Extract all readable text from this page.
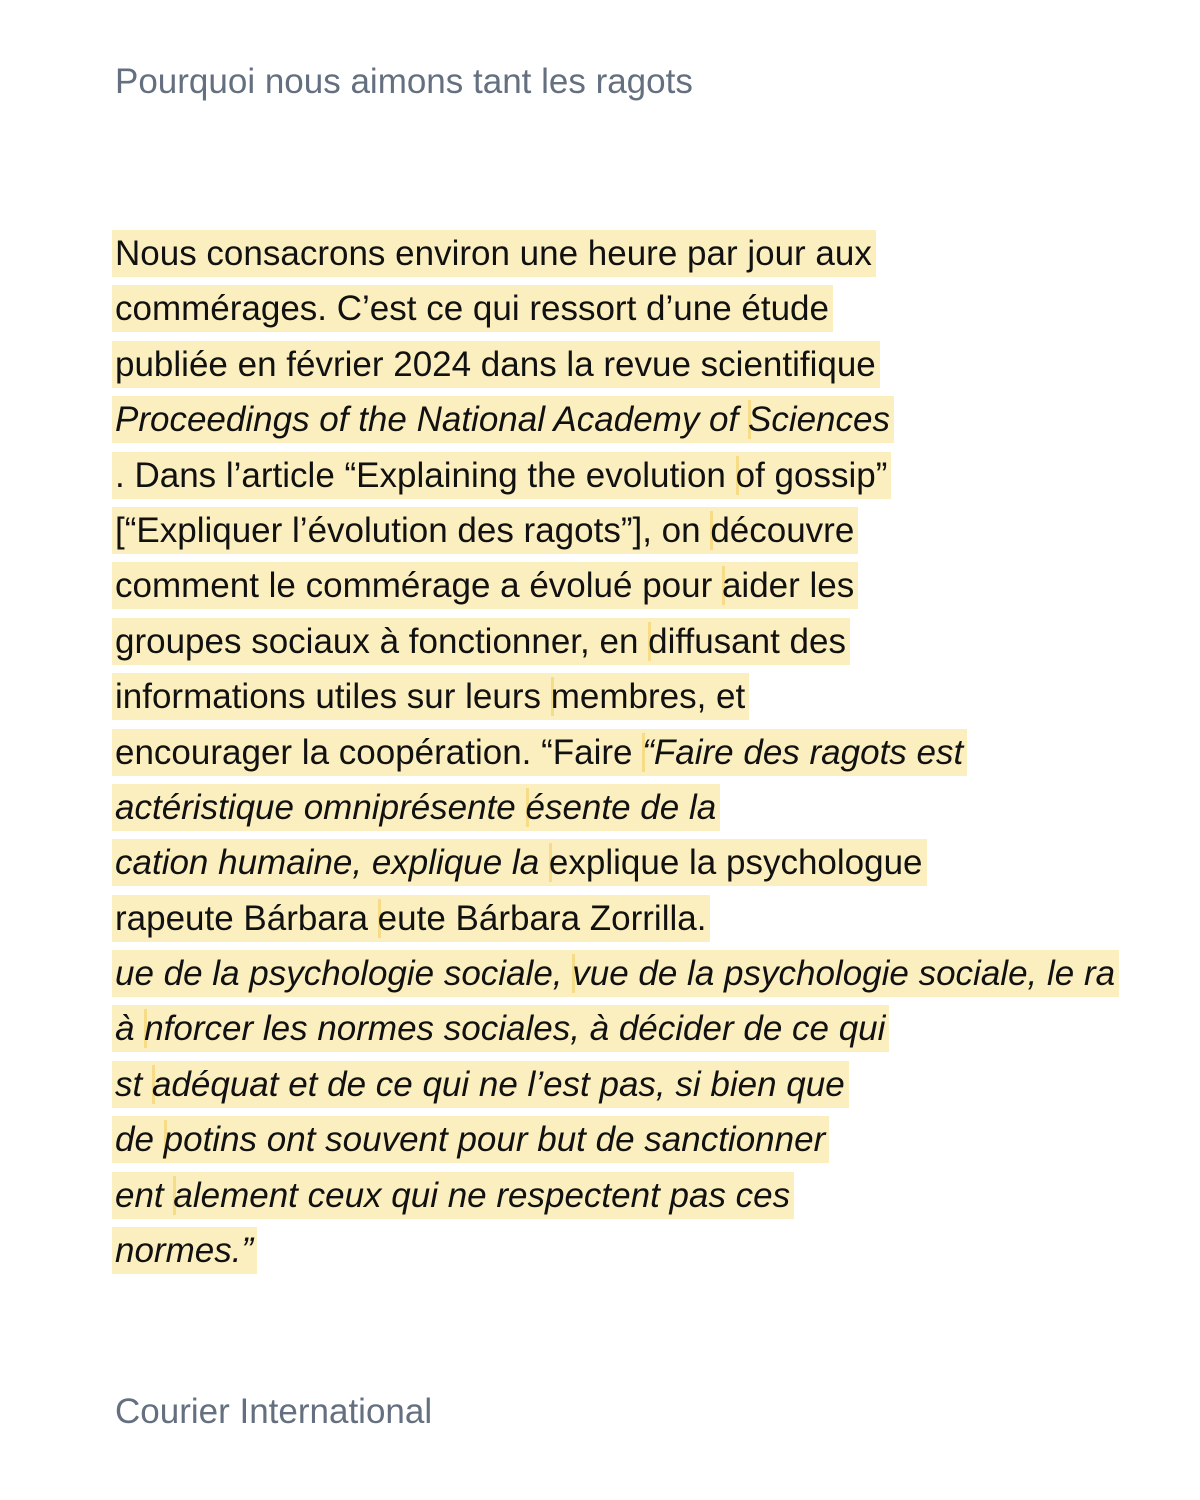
Pourquoi nous aimons tant les ragots
Nous consacrons environ une heure par jour aux
commérages. C’est ce qui ressort d’une étude
publiée en février 2024 dans la revue scientifique
Proceedings of the National Academy of Sciences
. Dans l’article “Explaining the evolution of gossip”
[“Expliquer l’évolution des ragots”], on découvre
comment le commérage a évolué pour aider les
groupes sociaux à fonctionner, en diffusant des
informations utiles sur leurs membres, et
encourager la coopération. “Faire “Faire des ragots est
actéristique omniprésente ésente de la
cation humaine, explique la explique la psychologue
rapeute Bárbara eute Bárbara Zorrilla.
ue de la psychologie sociale, vue de la psychologie sociale, le ra
à nforcer les normes sociales, à décider de ce qui
st adéquat et de ce qui ne l’est pas, si bien que
de potins ont souvent pour but de sanctionner
ent alement ceux qui ne respectent pas ces
normes.”
Courier International
